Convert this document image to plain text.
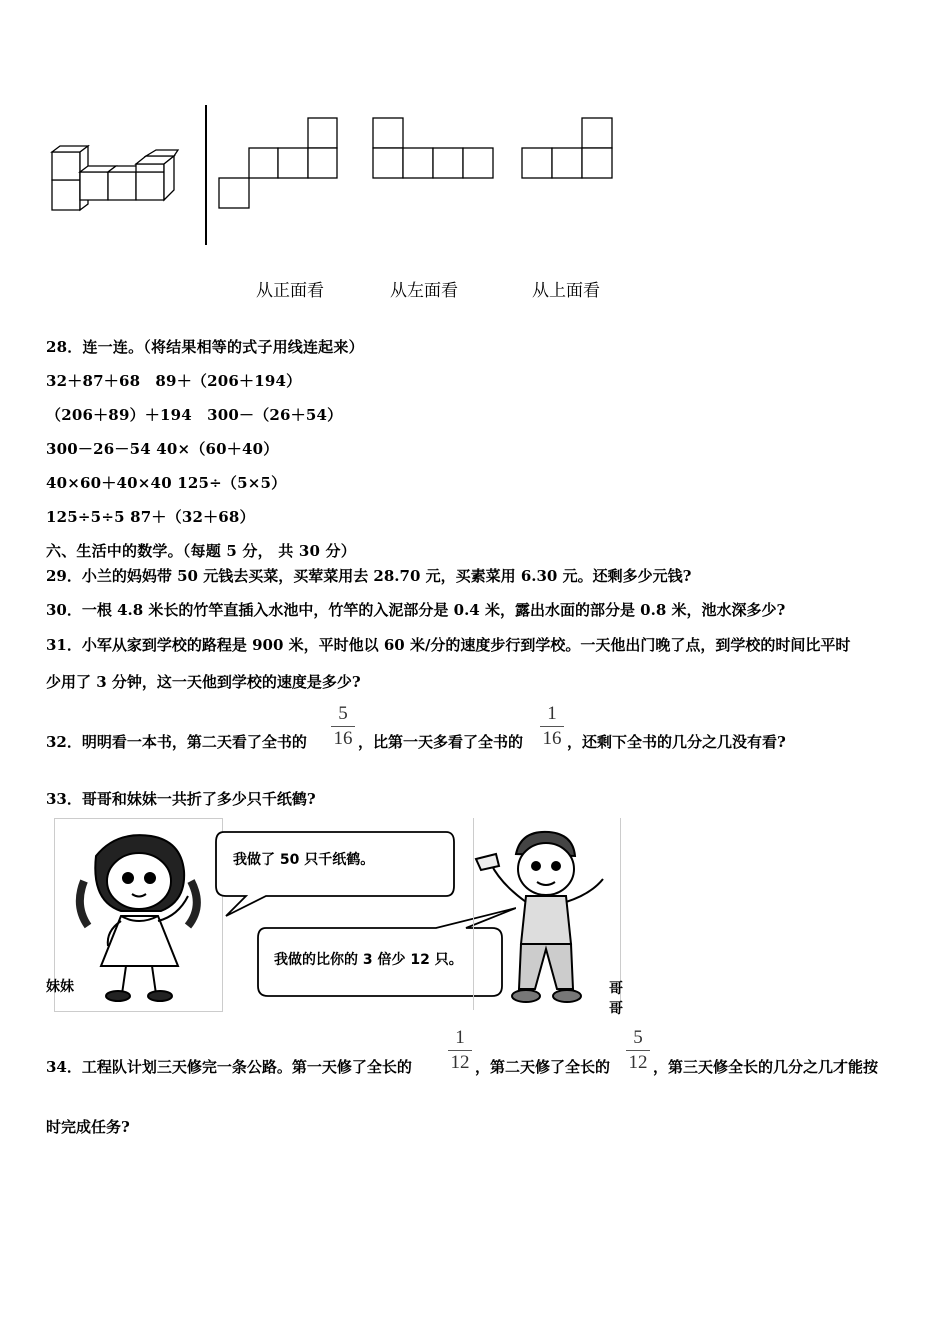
从正面看	从左面看	从上面看
28．连一连。（将结果相等的式子用线连起来）
32＋87＋68　89＋（206＋194）
（206＋89）＋194　300－（26＋54）
300－26－54 40×（60＋40）
40×60＋40×40 125÷（5×5）
125÷5÷5 87＋（32＋68）
六、生活中的数学。（每题 5 分， 共 30 分）
29．小兰的妈妈带 50 元钱去买菜，买荤菜用去 28.70 元，买素菜用 6.30 元。还剩多少元钱?
30．一根 4.8 米长的竹竿直插入水池中，竹竿的入泥部分是 0.4 米，露出水面的部分是 0.8 米，池水深多少?
31．小军从家到学校的路程是 900 米，平时他以 60 米/分的速度步行到学校。一天他出门晚了点，到学校的时间比平时
少用了 3 分钟，这一天他到学校的速度是多少?
32．明明看一本书，第二天看了全书的
5
16 ，比第一天多看了全书的
1
16 ，还剩下全书的几分之几没有看?
33．哥哥和妹妹一共折了多少只千纸鹤?
妹妹
我做了 50 只千纸鹤。
我做的比你的 3 倍少 12 只。
哥哥
34．工程队计划三天修完一条公路。第一天修了全长的
1
12 ，第二天修了全长的
5
12 ，第三天修全长的几分之几才能按
时完成任务?
